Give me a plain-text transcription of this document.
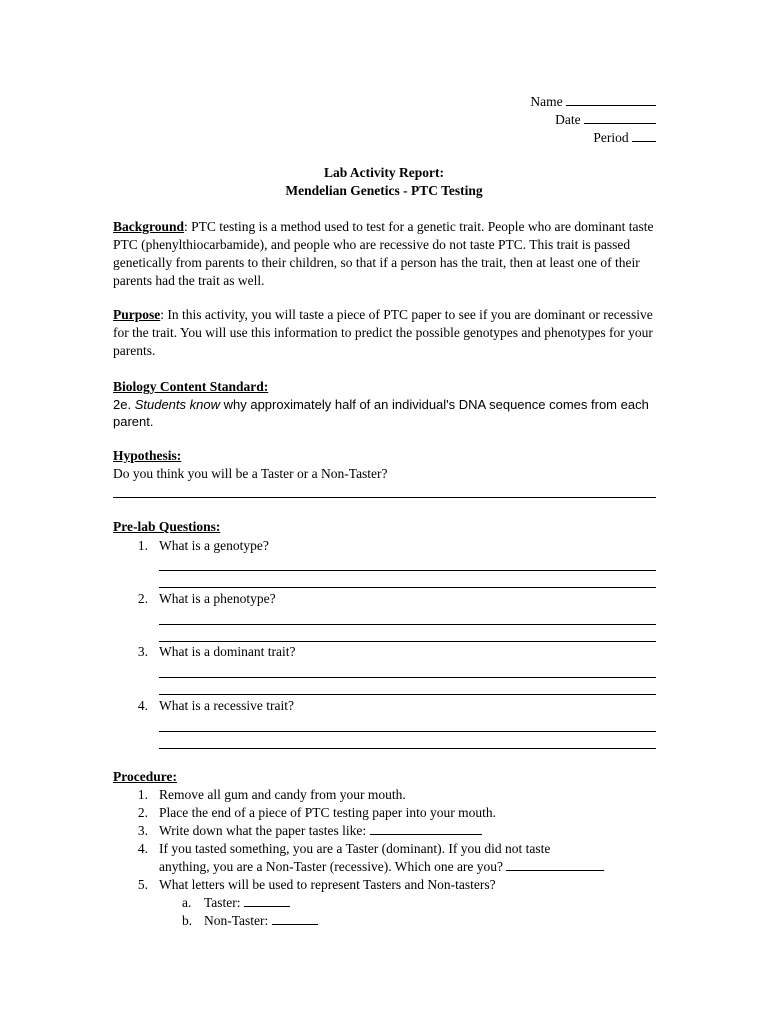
Name
Date
Period
Lab Activity Report:
Mendelian Genetics - PTC Testing
Background: PTC testing is a method used to test for a genetic trait. People who are dominant taste PTC (phenylthiocarbamide), and people who are recessive do not taste PTC. This trait is passed genetically from parents to their children, so that if a person has the trait, then at least one of their parents had the trait as well.
Purpose: In this activity, you will taste a piece of PTC paper to see if you are dominant or recessive for the trait. You will use this information to predict the possible genotypes and phenotypes for your parents.
Biology Content Standard:
2e. Students know why approximately half of an individual's DNA sequence comes from each parent.
Hypothesis:
Do you think you will be a Taster or a Non-Taster?
Pre-lab Questions:
1. What is a genotype?
2. What is a phenotype?
3. What is a dominant trait?
4. What is a recessive trait?
Procedure:
1. Remove all gum and candy from your mouth.
2. Place the end of a piece of PTC testing paper into your mouth.
3. Write down what the paper tastes like:
4. If you tasted something, you are a Taster (dominant). If you did not taste
anything, you are a Non-Taster (recessive). Which one are you?
5. What letters will be used to represent Tasters and Non-tasters?
a. Taster:
b. Non-Taster:
